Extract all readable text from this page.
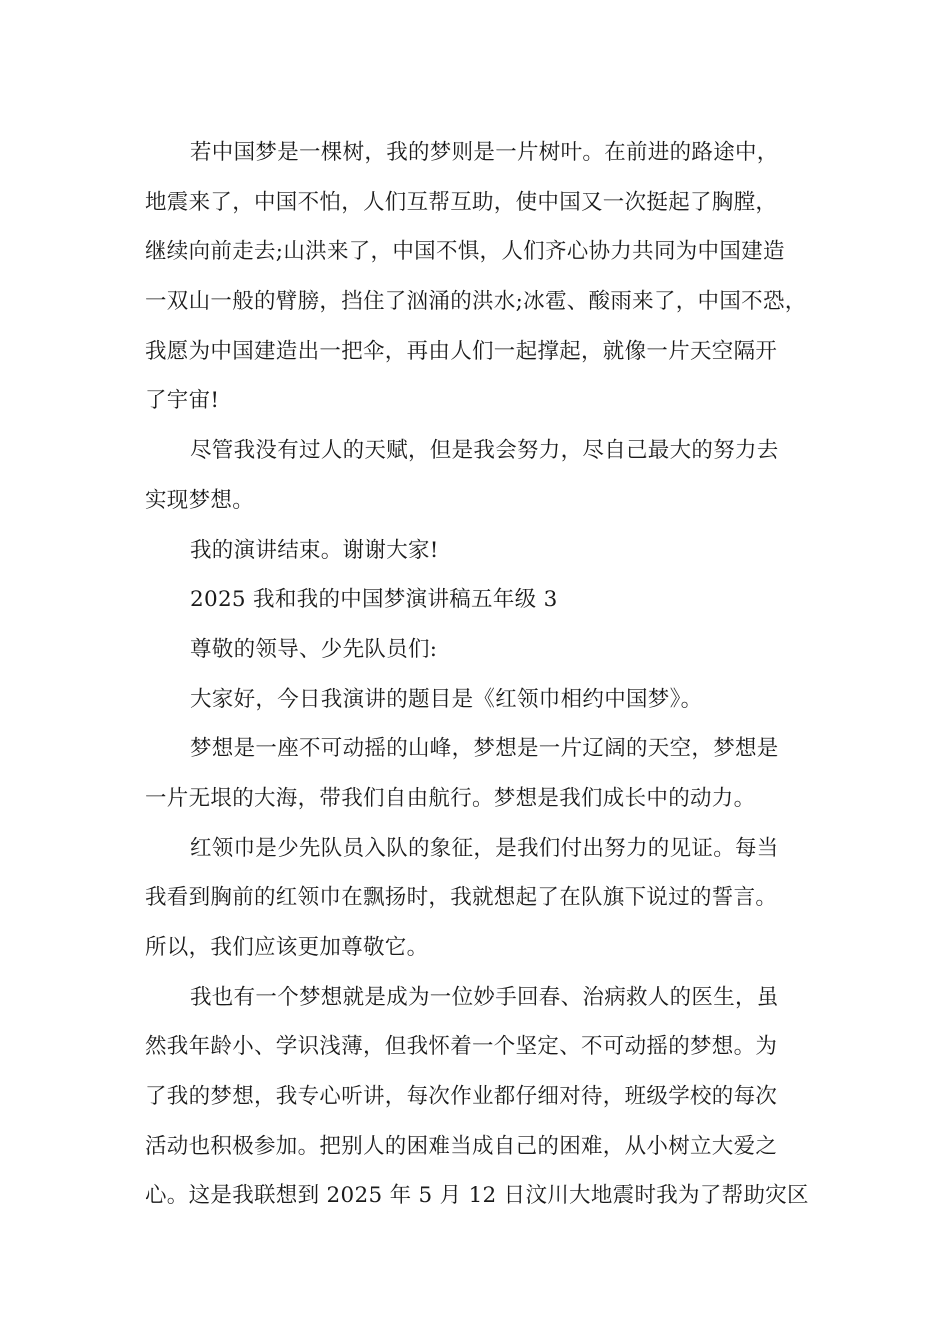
若中国梦是一棵树，我的梦则是一片树叶。在前进的路途中，
地震来了，中国不怕，人们互帮互助，使中国又一次挺起了胸膛，
继续向前走去;山洪来了，中国不惧，人们齐心协力共同为中国建造
一双山一般的臂膀，挡住了汹涌的洪水;冰雹、酸雨来了，中国不恐，
我愿为中国建造出一把伞，再由人们一起撑起，就像一片天空隔开
了宇宙!
尽管我没有过人的天赋，但是我会努力，尽自己最大的努力去
实现梦想。
我的演讲结束。谢谢大家!
2025 我和我的中国梦演讲稿五年级 3
尊敬的领导、少先队员们:
大家好，今日我演讲的题目是《红领巾相约中国梦》。
梦想是一座不可动摇的山峰，梦想是一片辽阔的天空，梦想是
一片无垠的大海，带我们自由航行。梦想是我们成长中的动力。
红领巾是少先队员入队的象征，是我们付出努力的见证。每当
我看到胸前的红领巾在飘扬时，我就想起了在队旗下说过的誓言。
所以，我们应该更加尊敬它。
我也有一个梦想就是成为一位妙手回春、治病救人的医生，虽
然我年龄小、学识浅薄，但我怀着一个坚定、不可动摇的梦想。为
了我的梦想，我专心听讲，每次作业都仔细对待，班级学校的每次
活动也积极参加。把别人的困难当成自己的困难，从小树立大爱之
心。这是我联想到 2025 年 5 月 12 日汶川大地震时我为了帮助灾区
